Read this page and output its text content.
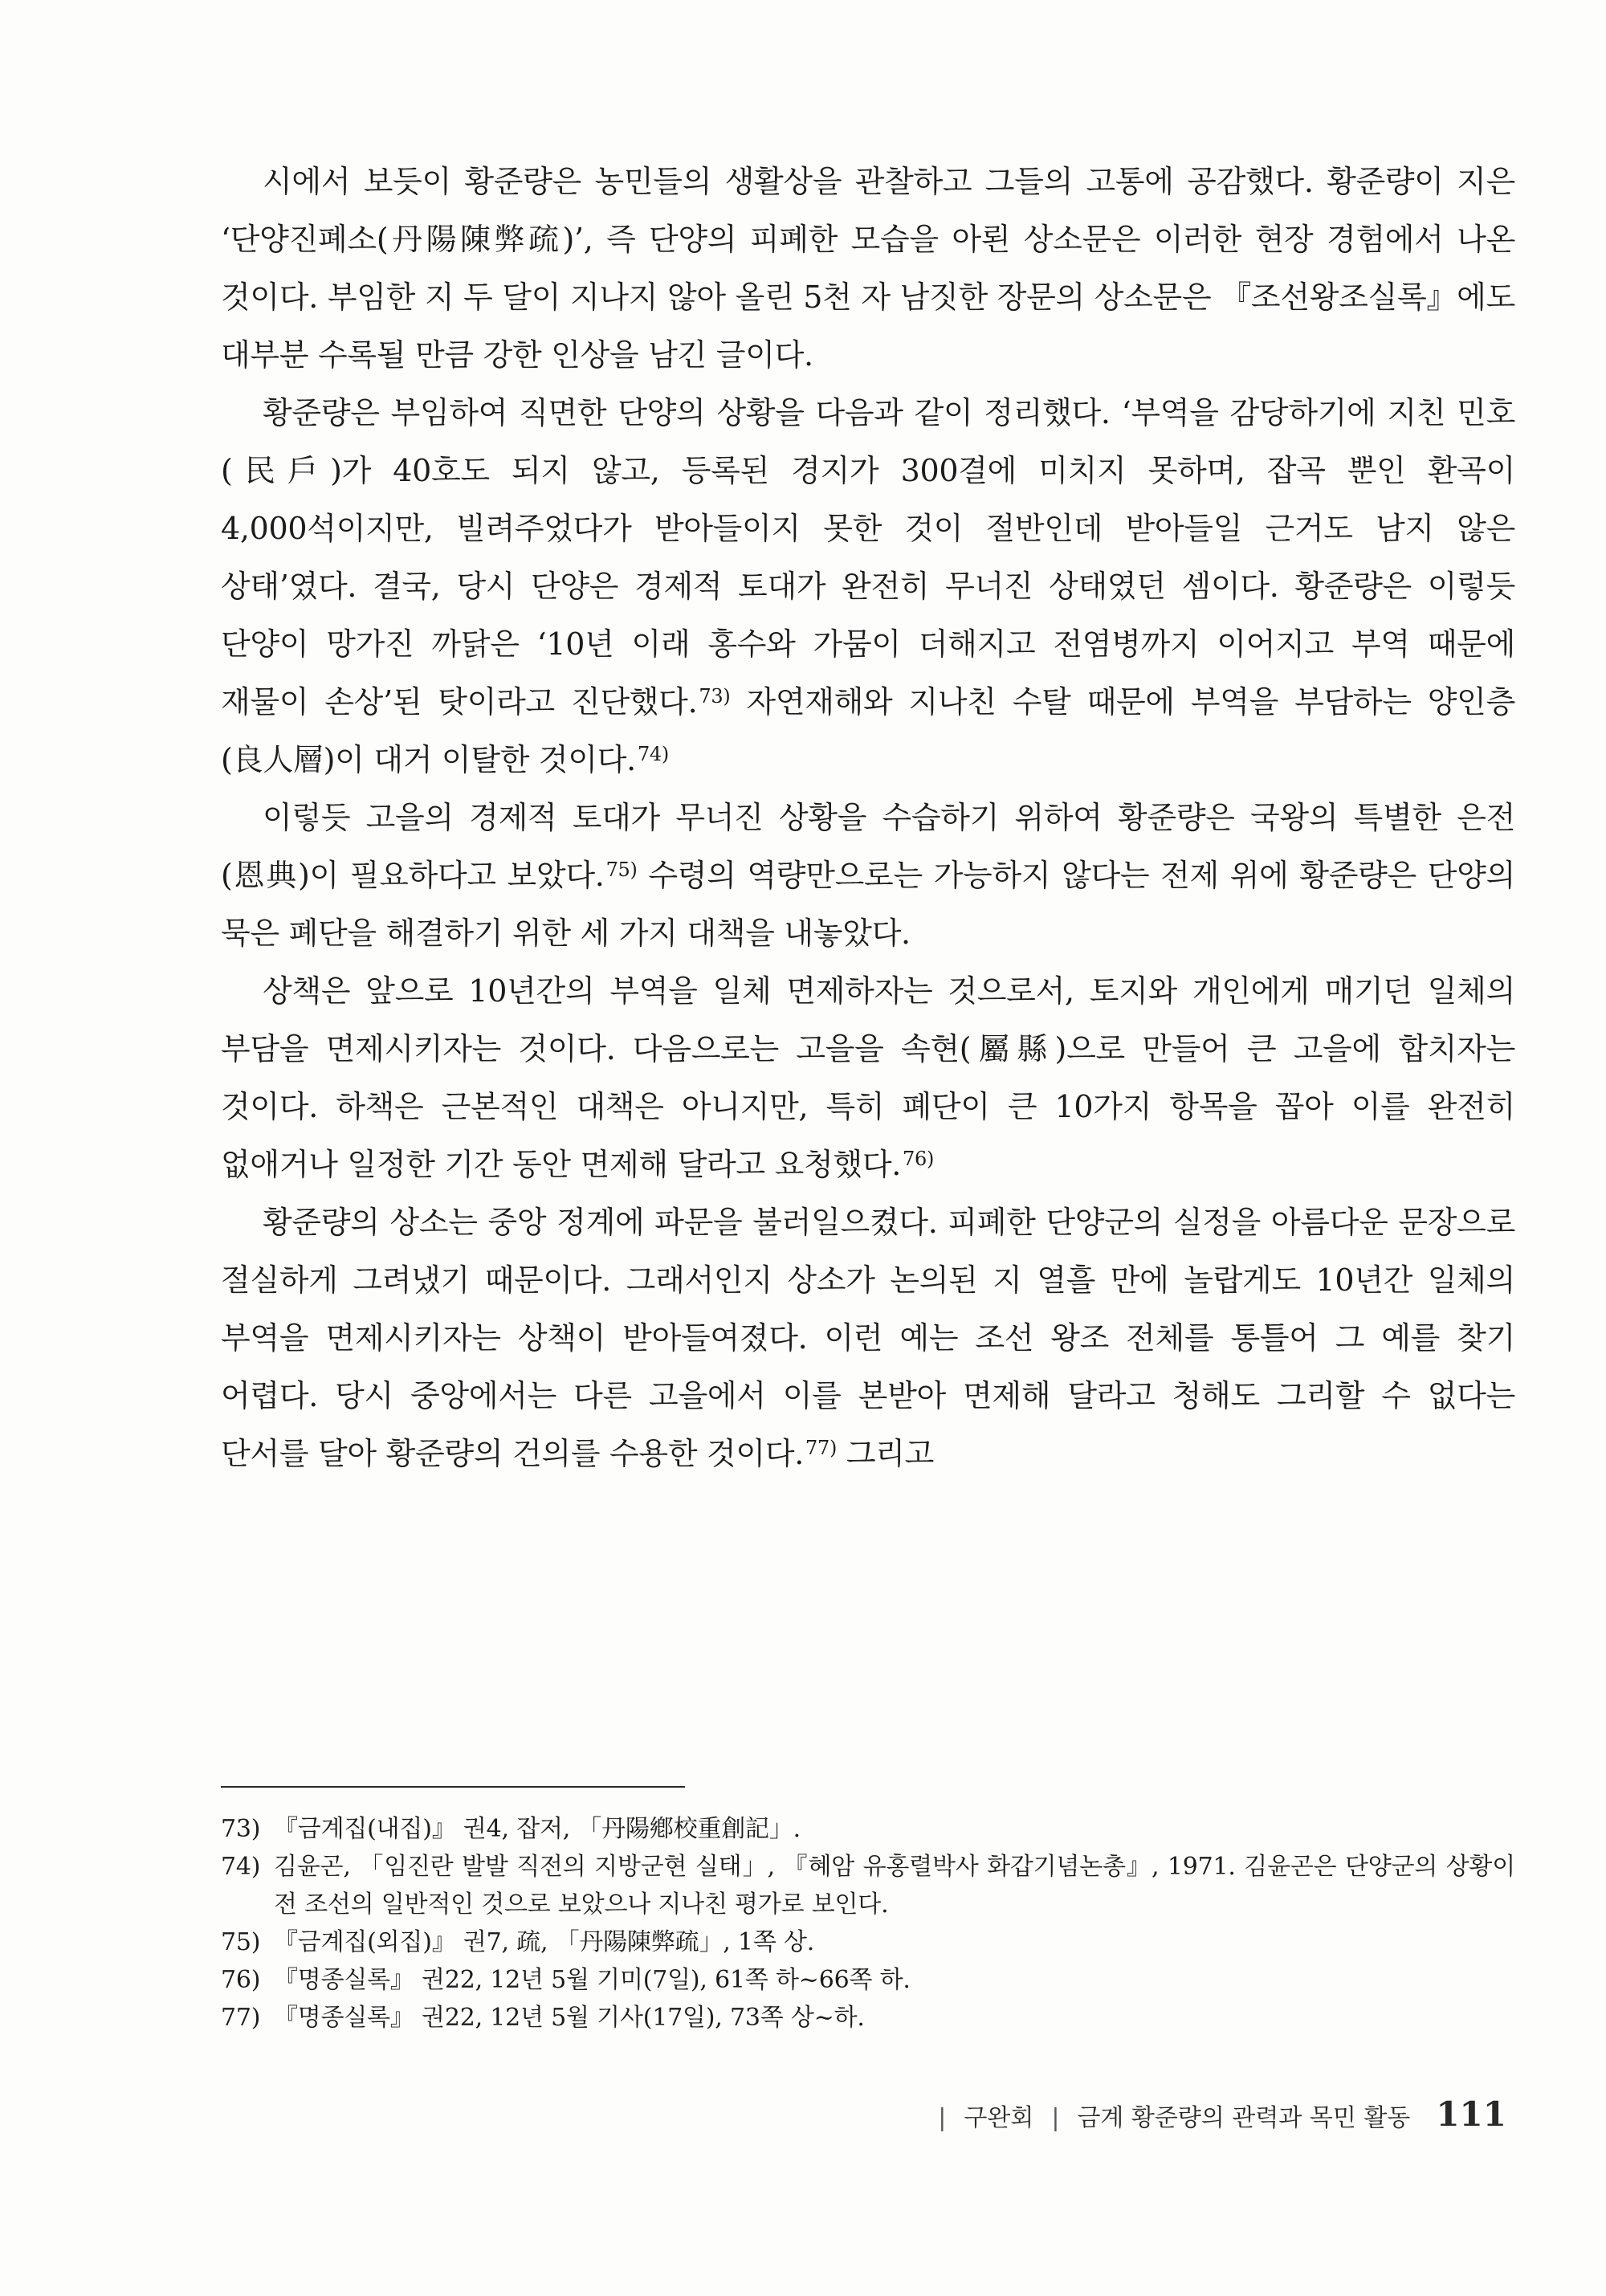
시에서 보듯이 황준량은 농민들의 생활상을 관찰하고 그들의 고통에 공감했다. 황준량이 지은 ‘단양진폐소(丹陽陳弊疏)’, 즉 단양의 피폐한 모습을 아뢴 상소문은 이러한 현장 경험에서 나온 것이다. 부임한 지 두 달이 지나지 않아 올린 5천 자 남짓한 장문의 상소문은 『조선왕조실록』에도 대부분 수록될 만큼 강한 인상을 남긴 글이다.

황준량은 부임하여 직면한 단양의 상황을 다음과 같이 정리했다. ‘부역을 감당하기에 지친 민호(民戶)가 40호도 되지 않고, 등록된 경지가 300결에 미치지 못하며, 잡곡 뿐인 환곡이 4,000석이지만, 빌려주었다가 받아들이지 못한 것이 절반인데 받아들일 근거도 남지 않은 상태’였다. 결국, 당시 단양은 경제적 토대가 완전히 무너진 상태였던 셈이다. 황준량은 이렇듯 단양이 망가진 까닭은 ‘10년 이래 홍수와 가뭄이 더해지고 전염병까지 이어지고 부역 때문에 재물이 손상’된 탓이라고 진단했다.$^{73)}$ 자연재해와 지나친 수탈 때문에 부역을 부담하는 양인층(良人層)이 대거 이탈한 것이다.$^{74)}$

이렇듯 고을의 경제적 토대가 무너진 상황을 수습하기 위하여 황준량은 국왕의 특별한 은전(恩典)이 필요하다고 보았다.$^{75)}$ 수령의 역량만으로는 가능하지 않다는 전제 위에 황준량은 단양의 묵은 폐단을 해결하기 위한 세 가지 대책을 내놓았다.

상책은 앞으로 10년간의 부역을 일체 면제하자는 것으로서, 토지와 개인에게 매기던 일체의 부담을 면제시키자는 것이다. 다음으로는 고을을 속현(屬縣)으로 만들어 큰 고을에 합치자는 것이다. 하책은 근본적인 대책은 아니지만, 특히 폐단이 큰 10가지 항목을 꼽아 이를 완전히 없애거나 일정한 기간 동안 면제해 달라고 요청했다.$^{76)}$

황준량의 상소는 중앙 정계에 파문을 불러일으켰다. 피폐한 단양군의 실정을 아름다운 문장으로 절실하게 그려냈기 때문이다. 그래서인지 상소가 논의된 지 열흘 만에 놀랍게도 10년간 일체의 부역을 면제시키자는 상책이 받아들여졌다. 이런 예는 조선 왕조 전체를 통틀어 그 예를 찾기 어렵다. 당시 중앙에서는 다른 고을에서 이를 본받아 면제해 달라고 청해도 그리할 수 없다는 단서를 달아 황준량의 건의를 수용한 것이다.$^{77)}$ 그리고

73) 『금계집(내집)』 권4, 잡저, 「丹陽鄕校重創記」.
74) 김윤곤, 「임진란 발발 직전의 지방군현 실태」, 『혜암 유홍렬박사 화갑기념논총』, 1971. 김윤곤은 단양군의 상황이 전 조선의 일반적인 것으로 보았으나 지나친 평가로 보인다.
75) 『금계집(외집)』 권7, 疏, 「丹陽陳弊疏」, 1쪽 상.
76) 『명종실록』 권22, 12년 5월 기미(7일), 61쪽 하~66쪽 하.
77) 『명종실록』 권22, 12년 5월 기사(17일), 73쪽 상~하.
| 구완회 | 금계 황준량의 관력과 목민 활동 111
